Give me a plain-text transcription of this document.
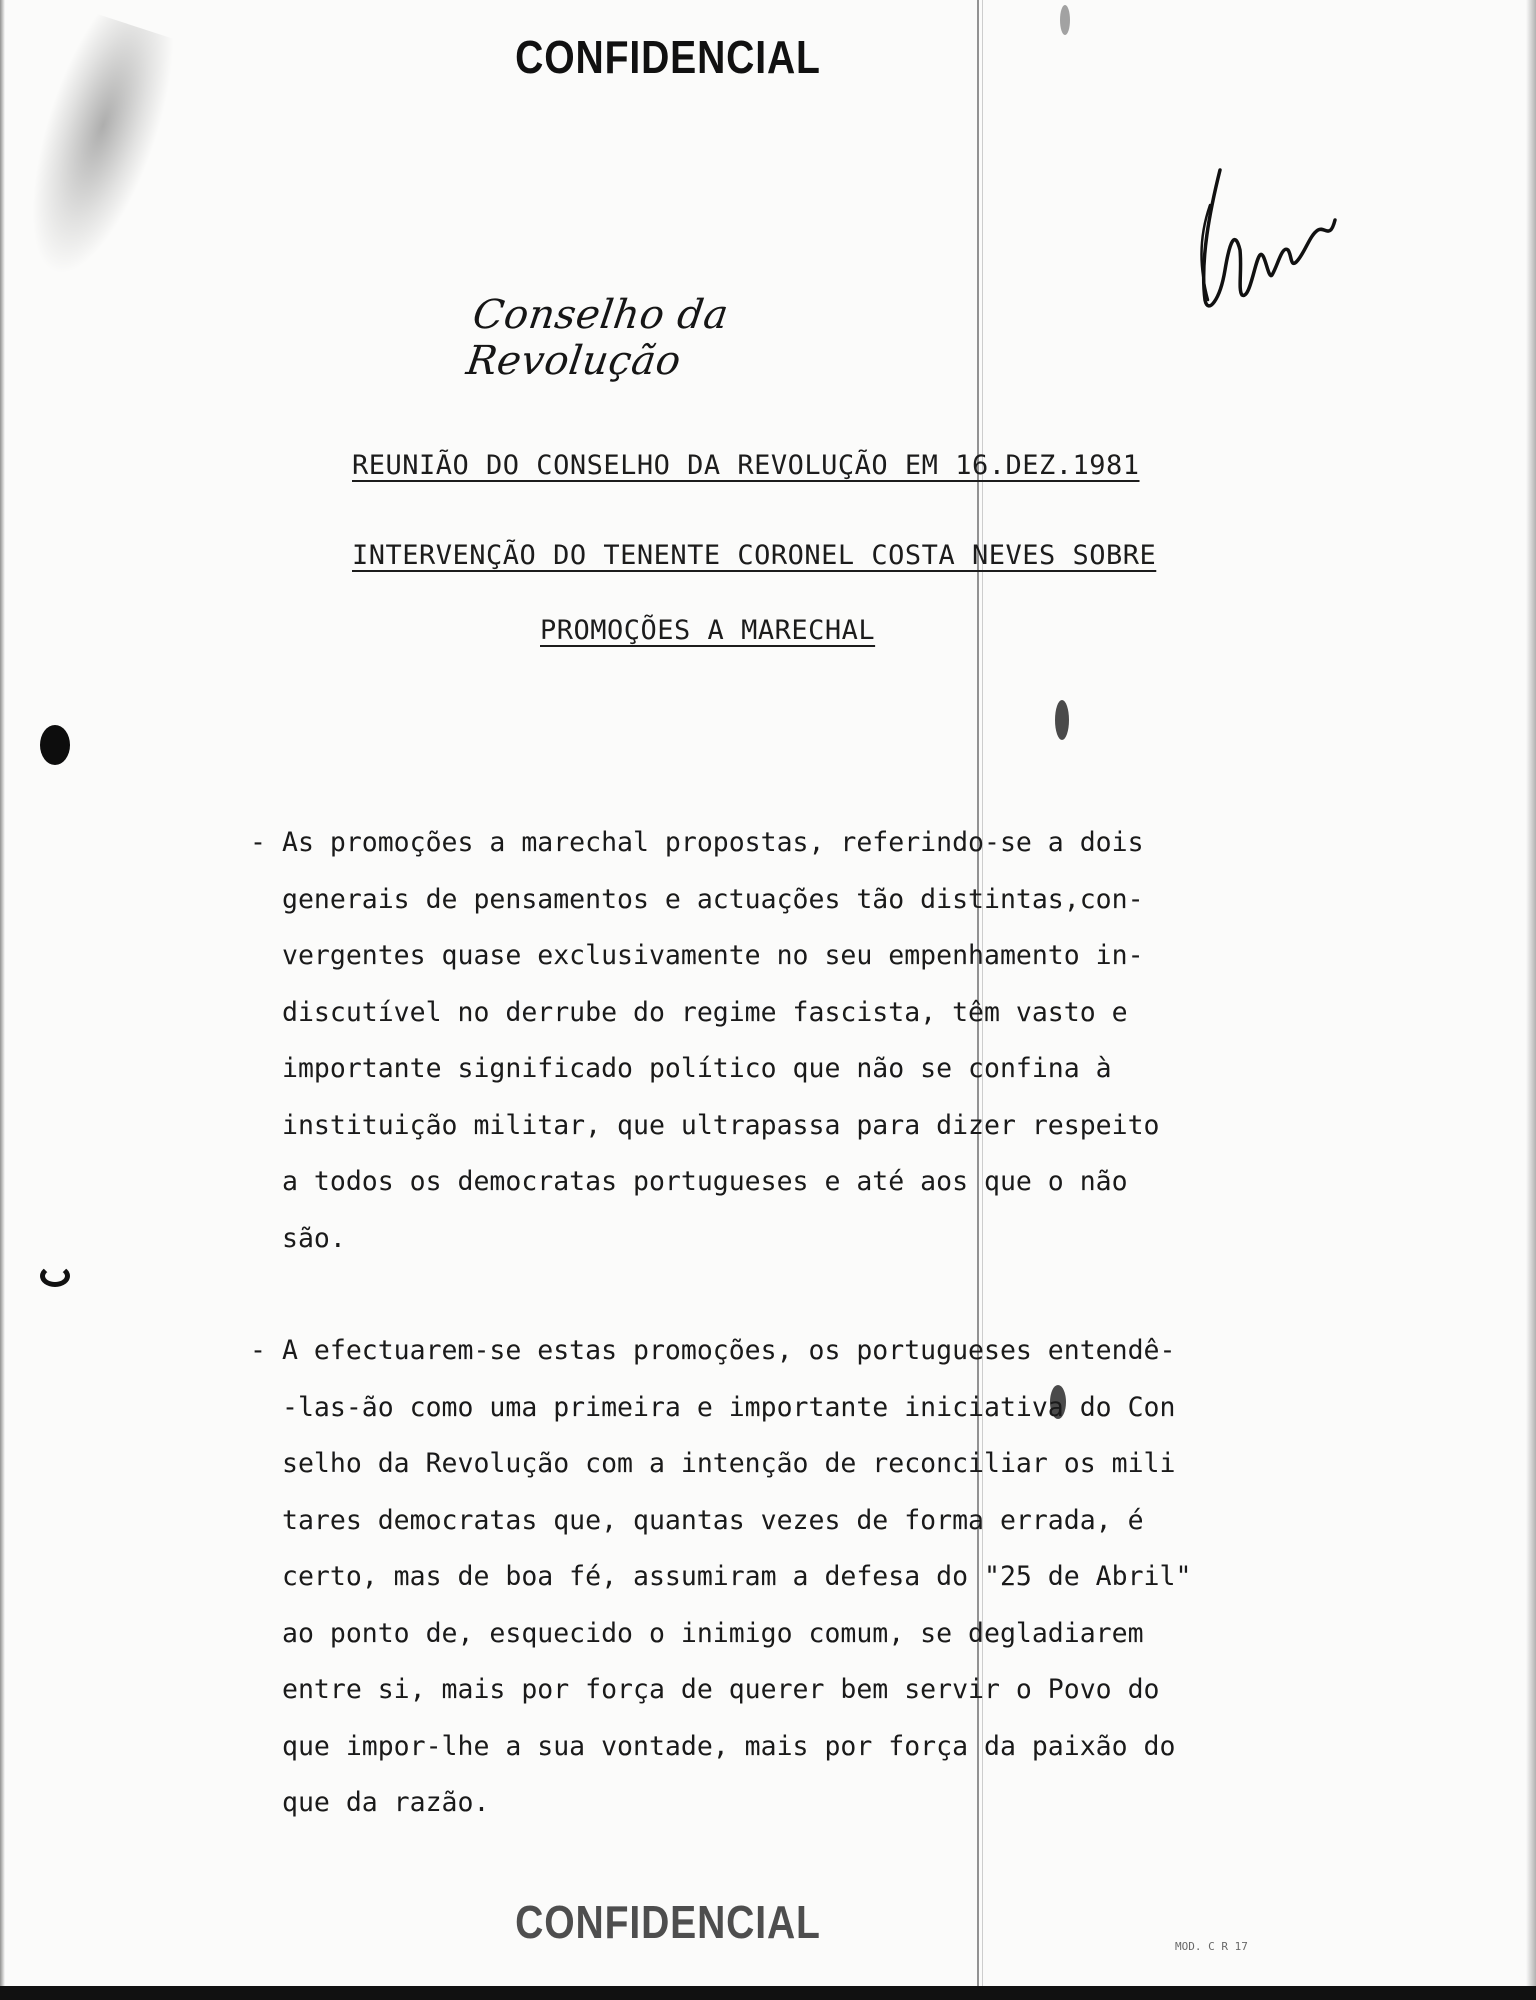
CONFIDENCIAL
Conselho da Revolução
REUNIÃO DO CONSELHO DA REVOLUÇÃO EM 16.DEZ.1981
INTERVENÇÃO DO TENENTE CORONEL COSTA NEVES SOBRE
PROMOÇÕES A MARECHAL
- As promoções a marechal propostas, referindo-se a dois
generais de pensamentos e actuações tão distintas,con-
vergentes quase exclusivamente no seu empenhamento in-
discutível no derrube do regime fascista, têm vasto e
importante significado político que não se confina à
instituição militar, que ultrapassa para dizer respeito
a todos os democratas portugueses e até aos que o não
são.
- A efectuarem-se estas promoções, os portugueses entendê-
-las-ão como uma primeira e importante iniciativa do Con
selho da Revolução com a intenção de reconciliar os mili
tares democratas que, quantas vezes de forma errada, é
certo, mas de boa fé, assumiram a defesa do "25 de Abril"
ao ponto de, esquecido o inimigo comum, se degladiarem
entre si, mais por força de querer bem servir o Povo do
que impor-lhe a sua vontade, mais por força da paixão do
que da razão.
CONFIDENCIAL	MOD. C R 17
